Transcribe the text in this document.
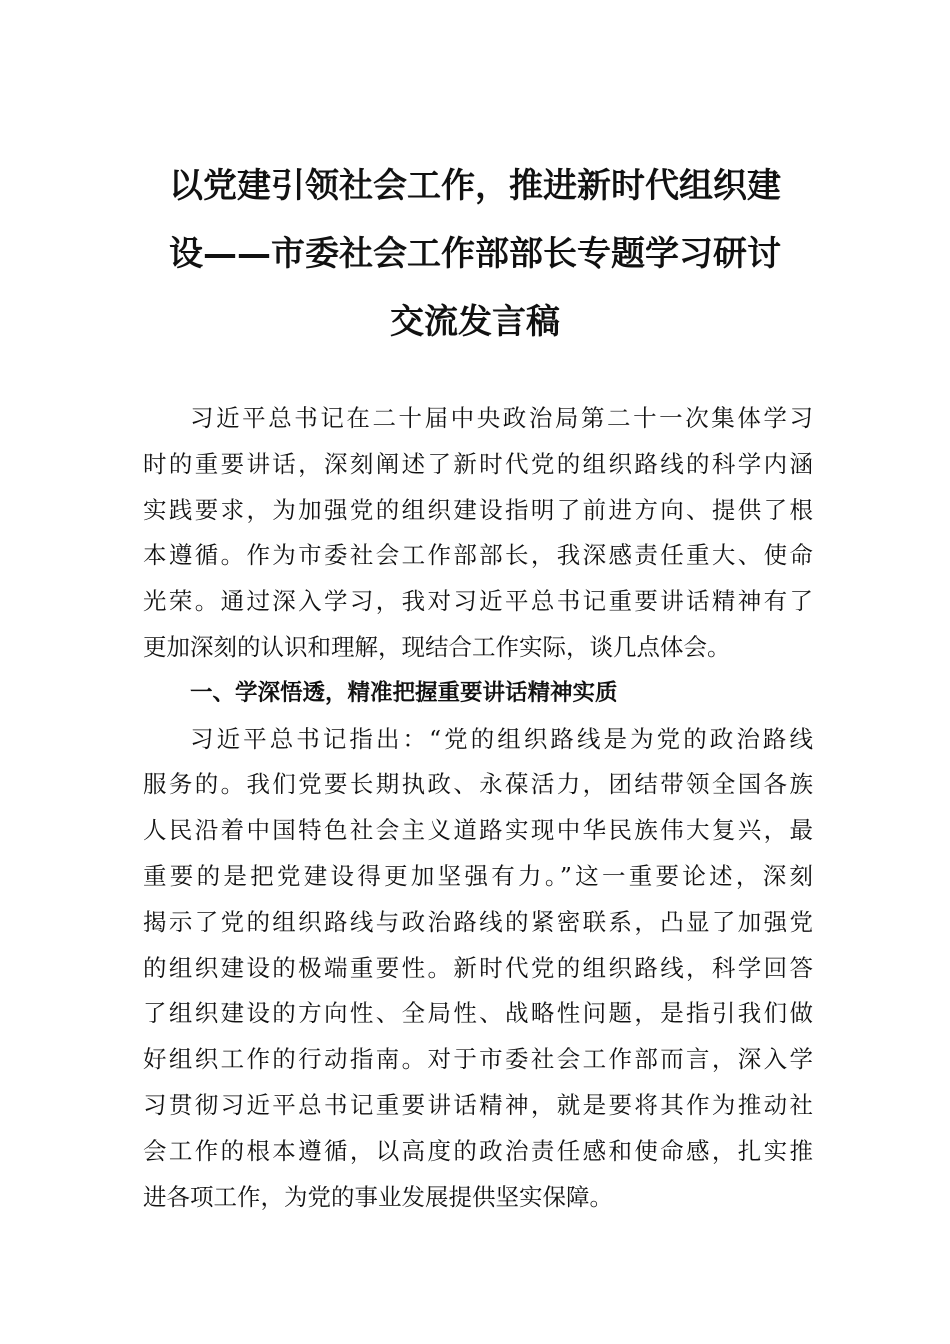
以党建引领社会工作，推进新时代组织建
设——市委社会工作部部长专题学习研讨
交流发言稿
习近平总书记在二十届中央政治局第二十一次集体学习
时的重要讲话，深刻阐述了新时代党的组织路线的科学内涵
实践要求，为加强党的组织建设指明了前进方向、提供了根
本遵循。作为市委社会工作部部长，我深感责任重大、使命
光荣。通过深入学习，我对习近平总书记重要讲话精神有了
更加深刻的认识和理解，现结合工作实际，谈几点体会。
一、学深悟透，精准把握重要讲话精神实质
习近平总书记指出：“党的组织路线是为党的政治路线
服务的。我们党要长期执政、永葆活力，团结带领全国各族
人民沿着中国特色社会主义道路实现中华民族伟大复兴，最
重要的是把党建设得更加坚强有力。”这一重要论述，深刻
揭示了党的组织路线与政治路线的紧密联系，凸显了加强党
的组织建设的极端重要性。新时代党的组织路线，科学回答
了组织建设的方向性、全局性、战略性问题，是指引我们做
好组织工作的行动指南。对于市委社会工作部而言，深入学
习贯彻习近平总书记重要讲话精神，就是要将其作为推动社
会工作的根本遵循，以高度的政治责任感和使命感，扎实推
进各项工作，为党的事业发展提供坚实保障。
